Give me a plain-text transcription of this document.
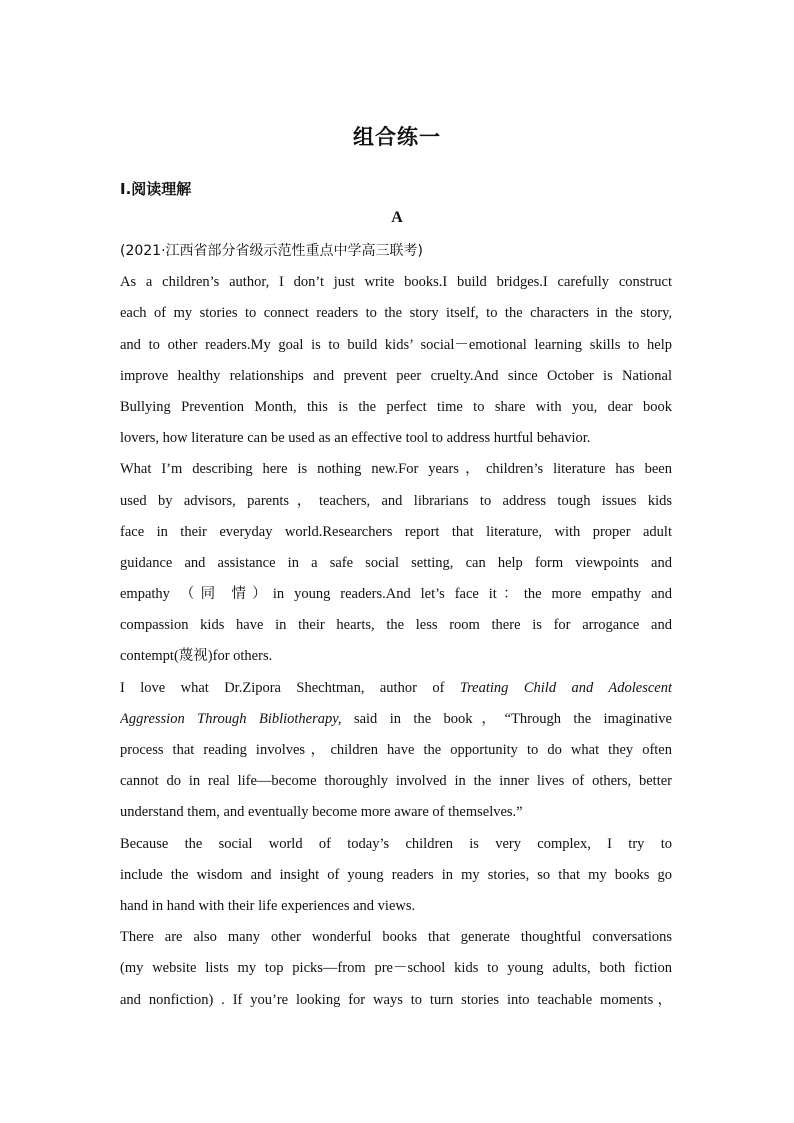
组合练一
Ⅰ.阅读理解
A
(2021·江西省部分省级示范性重点中学高三联考)
As a children’s author, I don’t just write books.I build bridges.I carefully construct
each of my stories to connect readers to the story itself, to the characters in the story,
and to other readers.My goal is to build kids’ social－emotional learning skills to help
improve healthy relationships and prevent peer cruelty.And since October is National
Bullying Prevention Month, this is the perfect time to share with you, dear book
lovers, how literature can be used as an effective tool to address hurtful behavior.
What I’m describing here is nothing new.For years，children’s literature has been
used by advisors, parents，teachers, and librarians to address tough issues kids
face in their everyday world.Researchers report that literature, with proper adult
guidance and assistance in a safe social setting, can help form viewpoints and
empathy （同 情）in young readers.And let’s face it：the more empathy and
compassion kids have in their hearts, the less room there is for arrogance and
contempt(蔑视)for others.
I love what Dr.Zipora Shechtman, author of Treating Child and Adolescent
Aggression Through Bibliotherapy, said in the book，“Through the imaginative
process that reading involves，children have the opportunity to do what they often
cannot do in real life—become thoroughly involved in the inner lives of others, better
understand them, and eventually become more aware of themselves.”
Because the social world of today’s children is very complex, I try to
include the wisdom and insight of young readers in my stories, so that my books go
hand in hand with their life experiences and views.
There are also many other wonderful books that generate thoughtful conversations
(my website lists my top picks—from pre－school kids to young adults, both fiction
and nonfiction) . If you’re looking for ways to turn stories into teachable moments，
